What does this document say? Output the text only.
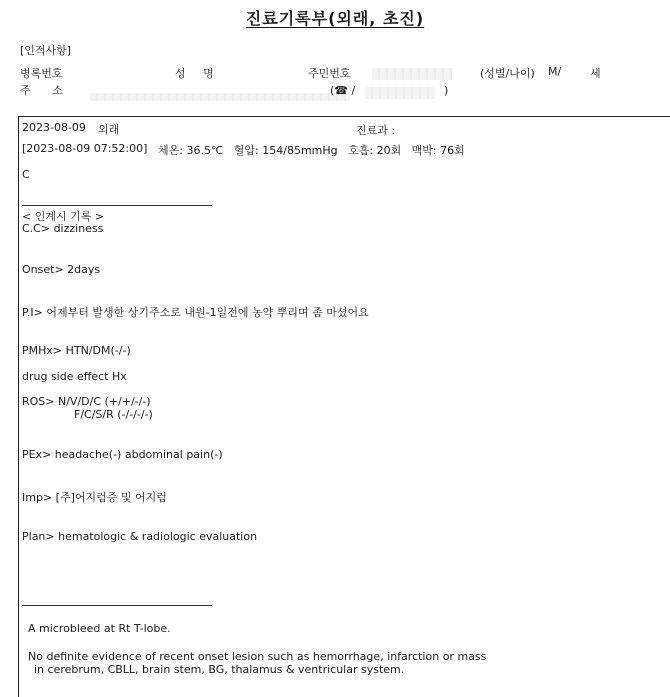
진료기록부(외래, 초진)
[인적사항]
병록번호	성 명	주민번호	(성별/나이) M/	세
주 소	(☎ /	)
2023-08-09 외래	진료과 :
[2023-08-09 07:52:00] 체온: 36.5℃   혈압: 154/85mmHg   호흡: 20회   맥박: 76회
C
< 인계시 기록 >
C.C> dizziness
Onset> 2days
P.I> 어제부터 발생한 상기주소로 내원-1일전에 농약 뿌리며 좀 마셨어요
PMHx> HTN/DM(-/-)
drug side effect Hx
ROS> N/V/D/C (+/+/-/-)
F/C/S/R (-/-/-/-)
PEx> headache(-) abdominal pain(-)
Imp> [주]어지럼증 및 어지럼
Plan> hematologic & radiologic evaluation
A microbleed at Rt T-lobe.
No definite evidence of recent onset lesion such as hemorrhage, infarction or mass
in cerebrum, CBLL, brain stem, BG, thalamus & ventricular system.
